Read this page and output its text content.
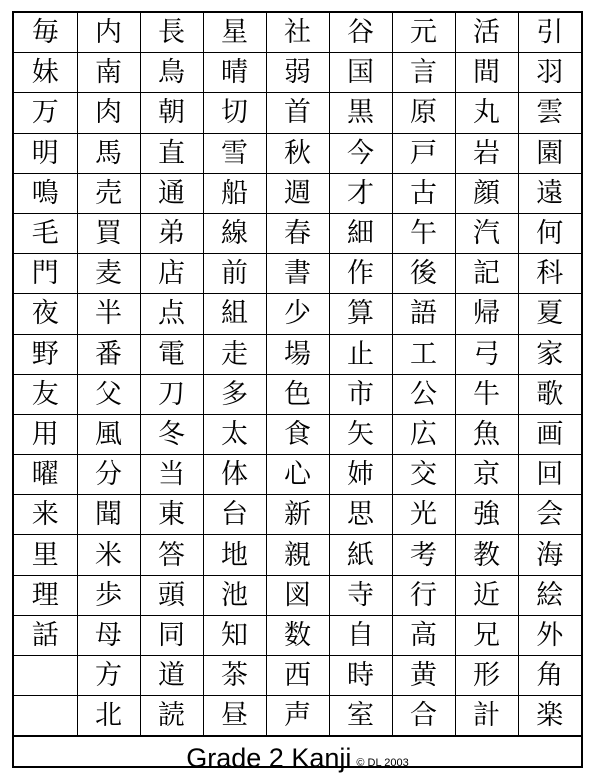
毎	内	長	星	社	谷	元	活	引
妹	南	鳥	晴	弱	国	言	間	羽
万	肉	朝	切	首	黒	原	丸	雲
明	馬	直	雪	秋	今	戸	岩	園
鳴	売	通	船	週	才	古	顔	遠
毛	買	弟	線	春	細	午	汽	何
門	麦	店	前	書	作	後	記	科
夜	半	点	組	少	算	語	帰	夏
野	番	電	走	場	止	工	弓	家
友	父	刀	多	色	市	公	牛	歌
用	風	冬	太	食	矢	広	魚	画
曜	分	当	体	心	姉	交	京	回
来	聞	東	台	新	思	光	強	会
里	米	答	地	親	紙	考	教	海
理	歩	頭	池	図	寺	行	近	絵
話	母	同	知	数	自	高	兄	外
	方	道	茶	西	時	黄	形	角
	北	読	昼	声	室	合	計	楽
Grade 2 Kanji © DL 2003
